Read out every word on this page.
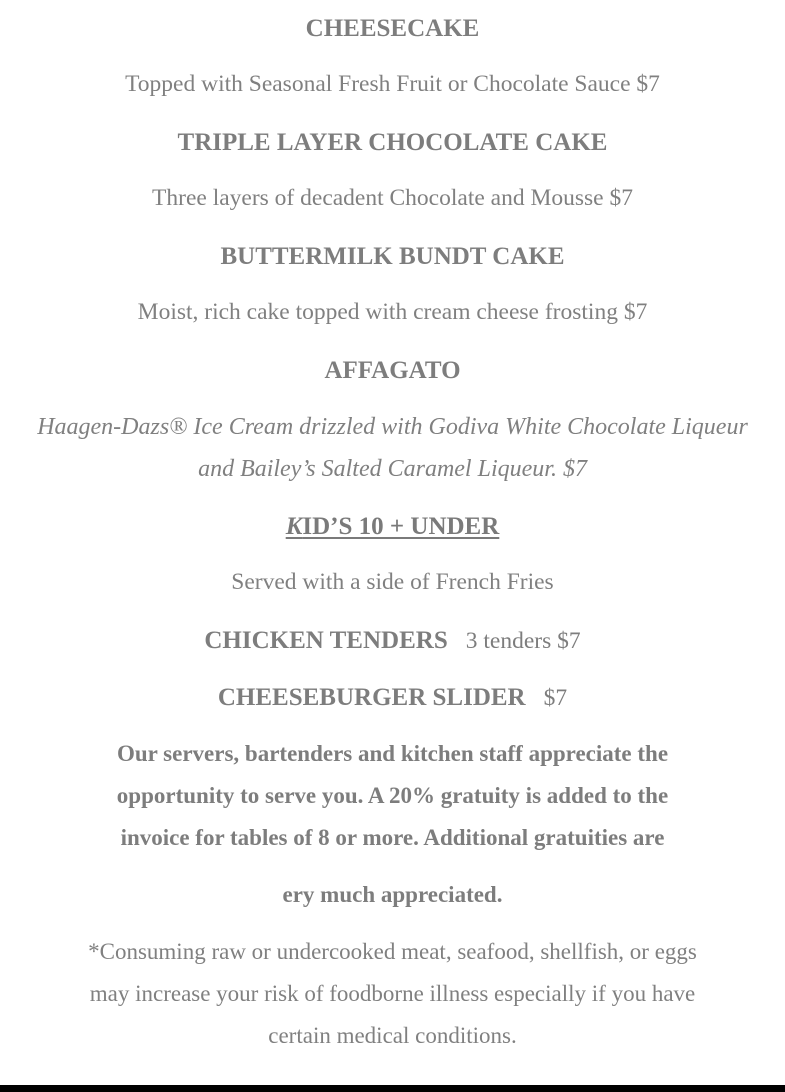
CHEESECAKE
Topped with Seasonal Fresh Fruit or Chocolate Sauce $7
TRIPLE LAYER CHOCOLATE CAKE
Three layers of decadent Chocolate and Mousse $7
BUTTERMILK BUNDT CAKE
Moist, rich cake topped with cream cheese frosting $7
AFFAGATO
Haagen-Dazs® Ice Cream drizzled with Godiva White Chocolate Liqueur
and Bailey’s Salted Caramel Liqueur. $7
KID’S 10 + UNDER
Served with a side of French Fries
CHICKEN TENDERS 3 tenders $7
CHEESEBURGER SLIDER $7
Our servers, bartenders and kitchen staff appreciate the
opportunity to serve you. A 20% gratuity is added to the
invoice for tables of 8 or more. Additional gratuities are
ery much appreciated.
*Consuming raw or undercooked meat, seafood, shellfish, or eggs
may increase your risk of foodborne illness especially if you have
certain medical conditions.
